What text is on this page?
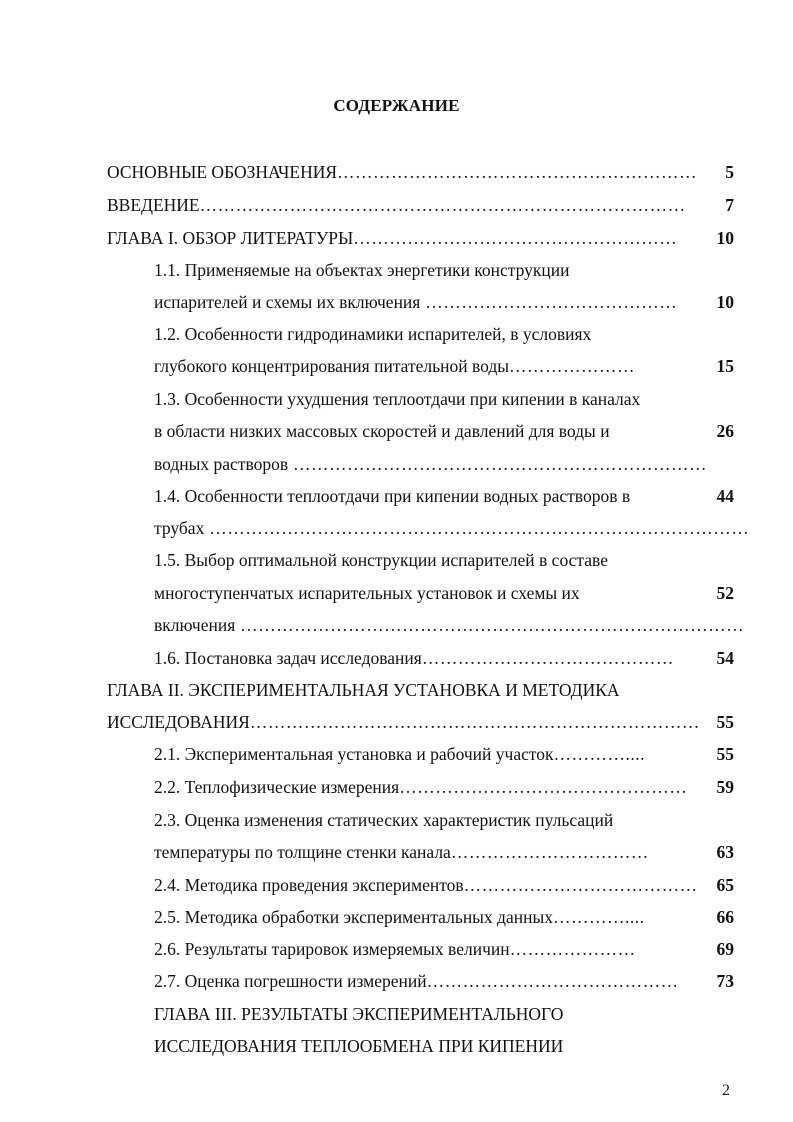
СОДЕРЖАНИЕ
ОСНОВНЫЕ ОБОЗНАЧЕНИЯ……………………………………………………	5
ВВЕДЕНИЕ………………………………………………………………………	7
ГЛАВА I. ОБЗОР ЛИТЕРАТУРЫ………………………………………………	10
1.1. Применяемые на объектах энергетики конструкции
испарителей и схемы их включения ……………………………………	10
1.2. Особенности гидродинамики испарителей, в условиях
глубокого концентрирования питательной воды…………………	15
1.3. Особенности ухудшения теплоотдачи при кипении в каналах
в области низких массовых скоростей и давлений для воды и	26
водных растворов ……………………………………………………………
1.4. Особенности теплоотдачи при кипении водных растворов в	44
трубах ………………………………………………………………………………
1.5. Выбор оптимальной конструкции испарителей в составе
многоступенчатых испарительных установок и схемы их	52
включения …………………………………………………………………………
1.6. Постановка задач исследования……………………………………	54
ГЛАВА II. ЭКСПЕРИМЕНТАЛЬНАЯ УСТАНОВКА И МЕТОДИКА
ИССЛЕДОВАНИЯ………………………………………………………………… 55
2.1. Экспериментальная установка и рабочий участок…………....	55
2.2. Теплофизические измерения…………………………………………	59
2.3. Оценка изменения статических характеристик пульсаций
температуры по толщине стенки канала……………………………	63
2.4. Методика проведения экспериментов…………………………………	65
2.5. Методика обработки экспериментальных данных…………....	66
2.6. Результаты тарировок измеряемых величин…………………	69
2.7. Оценка погрешности измерений……………………………………	73
ГЛАВА III. РЕЗУЛЬТАТЫ ЭКСПЕРИМЕНТАЛЬНОГО
ИССЛЕДОВАНИЯ ТЕПЛООБМЕНА ПРИ КИПЕНИИ
2
